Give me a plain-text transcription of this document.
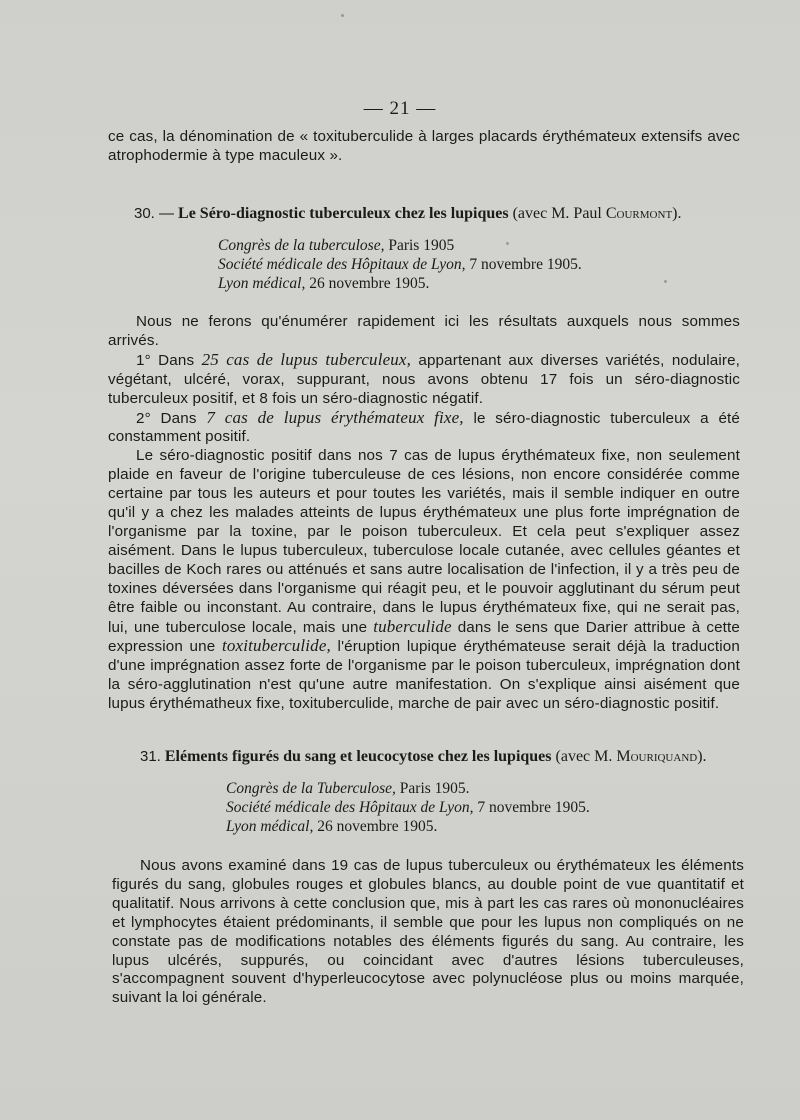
— 21 —

ce cas, la dénomination de « toxituberculide à larges placards érythémateux extensifs avec atrophodermie à type maculeux ».

30. — Le Séro-diagnostic tuberculeux chez les lupiques (avec M. Paul Courmont).
Congrès de la tuberculose, Paris 1905
Société médicale des Hôpitaux de Lyon, 7 novembre 1905.
Lyon médical, 26 novembre 1905.

Nous ne ferons qu'énumérer rapidement ici les résultats auxquels nous sommes arrivés.

1° Dans 25 cas de lupus tuberculeux, appartenant aux diverses variétés, nodulaire, végétant, ulcéré, vorax, suppurant, nous avons obtenu 17 fois un séro-diagnostic tuberculeux positif, et 8 fois un séro-diagnostic négatif.

2° Dans 7 cas de lupus érythémateux fixe, le séro-diagnostic tuberculeux a été constamment positif.

Le séro-diagnostic positif dans nos 7 cas de lupus érythémateux fixe, non seulement plaide en faveur de l'origine tuberculeuse de ces lésions, non encore considérée comme certaine par tous les auteurs et pour toutes les variétés, mais il semble indiquer en outre qu'il y a chez les malades atteints de lupus érythémateux une plus forte imprégnation de l'organisme par la toxine, par le poison tuberculeux. Et cela peut s'expliquer assez aisément. Dans le lupus tuberculeux, tuberculose locale cutanée, avec cellules géantes et bacilles de Koch rares ou atténués et sans autre localisation de l'infection, il y a très peu de toxines déversées dans l'organisme qui réagit peu, et le pouvoir agglutinant du sérum peut être faible ou inconstant. Au contraire, dans le lupus érythémateux fixe, qui ne serait pas, lui, une tuberculose locale, mais une tuberculide dans le sens que Darier attribue à cette expression une toxituberculide, l'éruption lupique érythémateuse serait déjà la traduction d'une imprégnation assez forte de l'organisme par le poison tuberculeux, imprégnation dont la séro-agglutination n'est qu'une autre manifestation. On s'explique ainsi aisément que lupus érythématheux fixe, toxituberculide, marche de pair avec un séro-diagnostic positif.

31. Eléments figurés du sang et leucocytose chez les lupiques (avec M. Mouriquand).
Congrès de la Tuberculose, Paris 1905.
Société médicale des Hôpitaux de Lyon, 7 novembre 1905.
Lyon médical, 26 novembre 1905.

Nous avons examiné dans 19 cas de lupus tuberculeux ou érythémateux les éléments figurés du sang, globules rouges et globules blancs, au double point de vue quantitatif et qualitatif. Nous arrivons à cette conclusion que, mis à part les cas rares où mononucléaires et lymphocytes étaient prédominants, il semble que pour les lupus non compliqués on ne constate pas de modifications notables des éléments figurés du sang. Au contraire, les lupus ulcérés, suppurés, ou coincidant avec d'autres lésions tuberculeuses, s'accompagnent souvent d'hyperleucocytose avec polynucléose plus ou moins marquée, suivant la loi générale.
